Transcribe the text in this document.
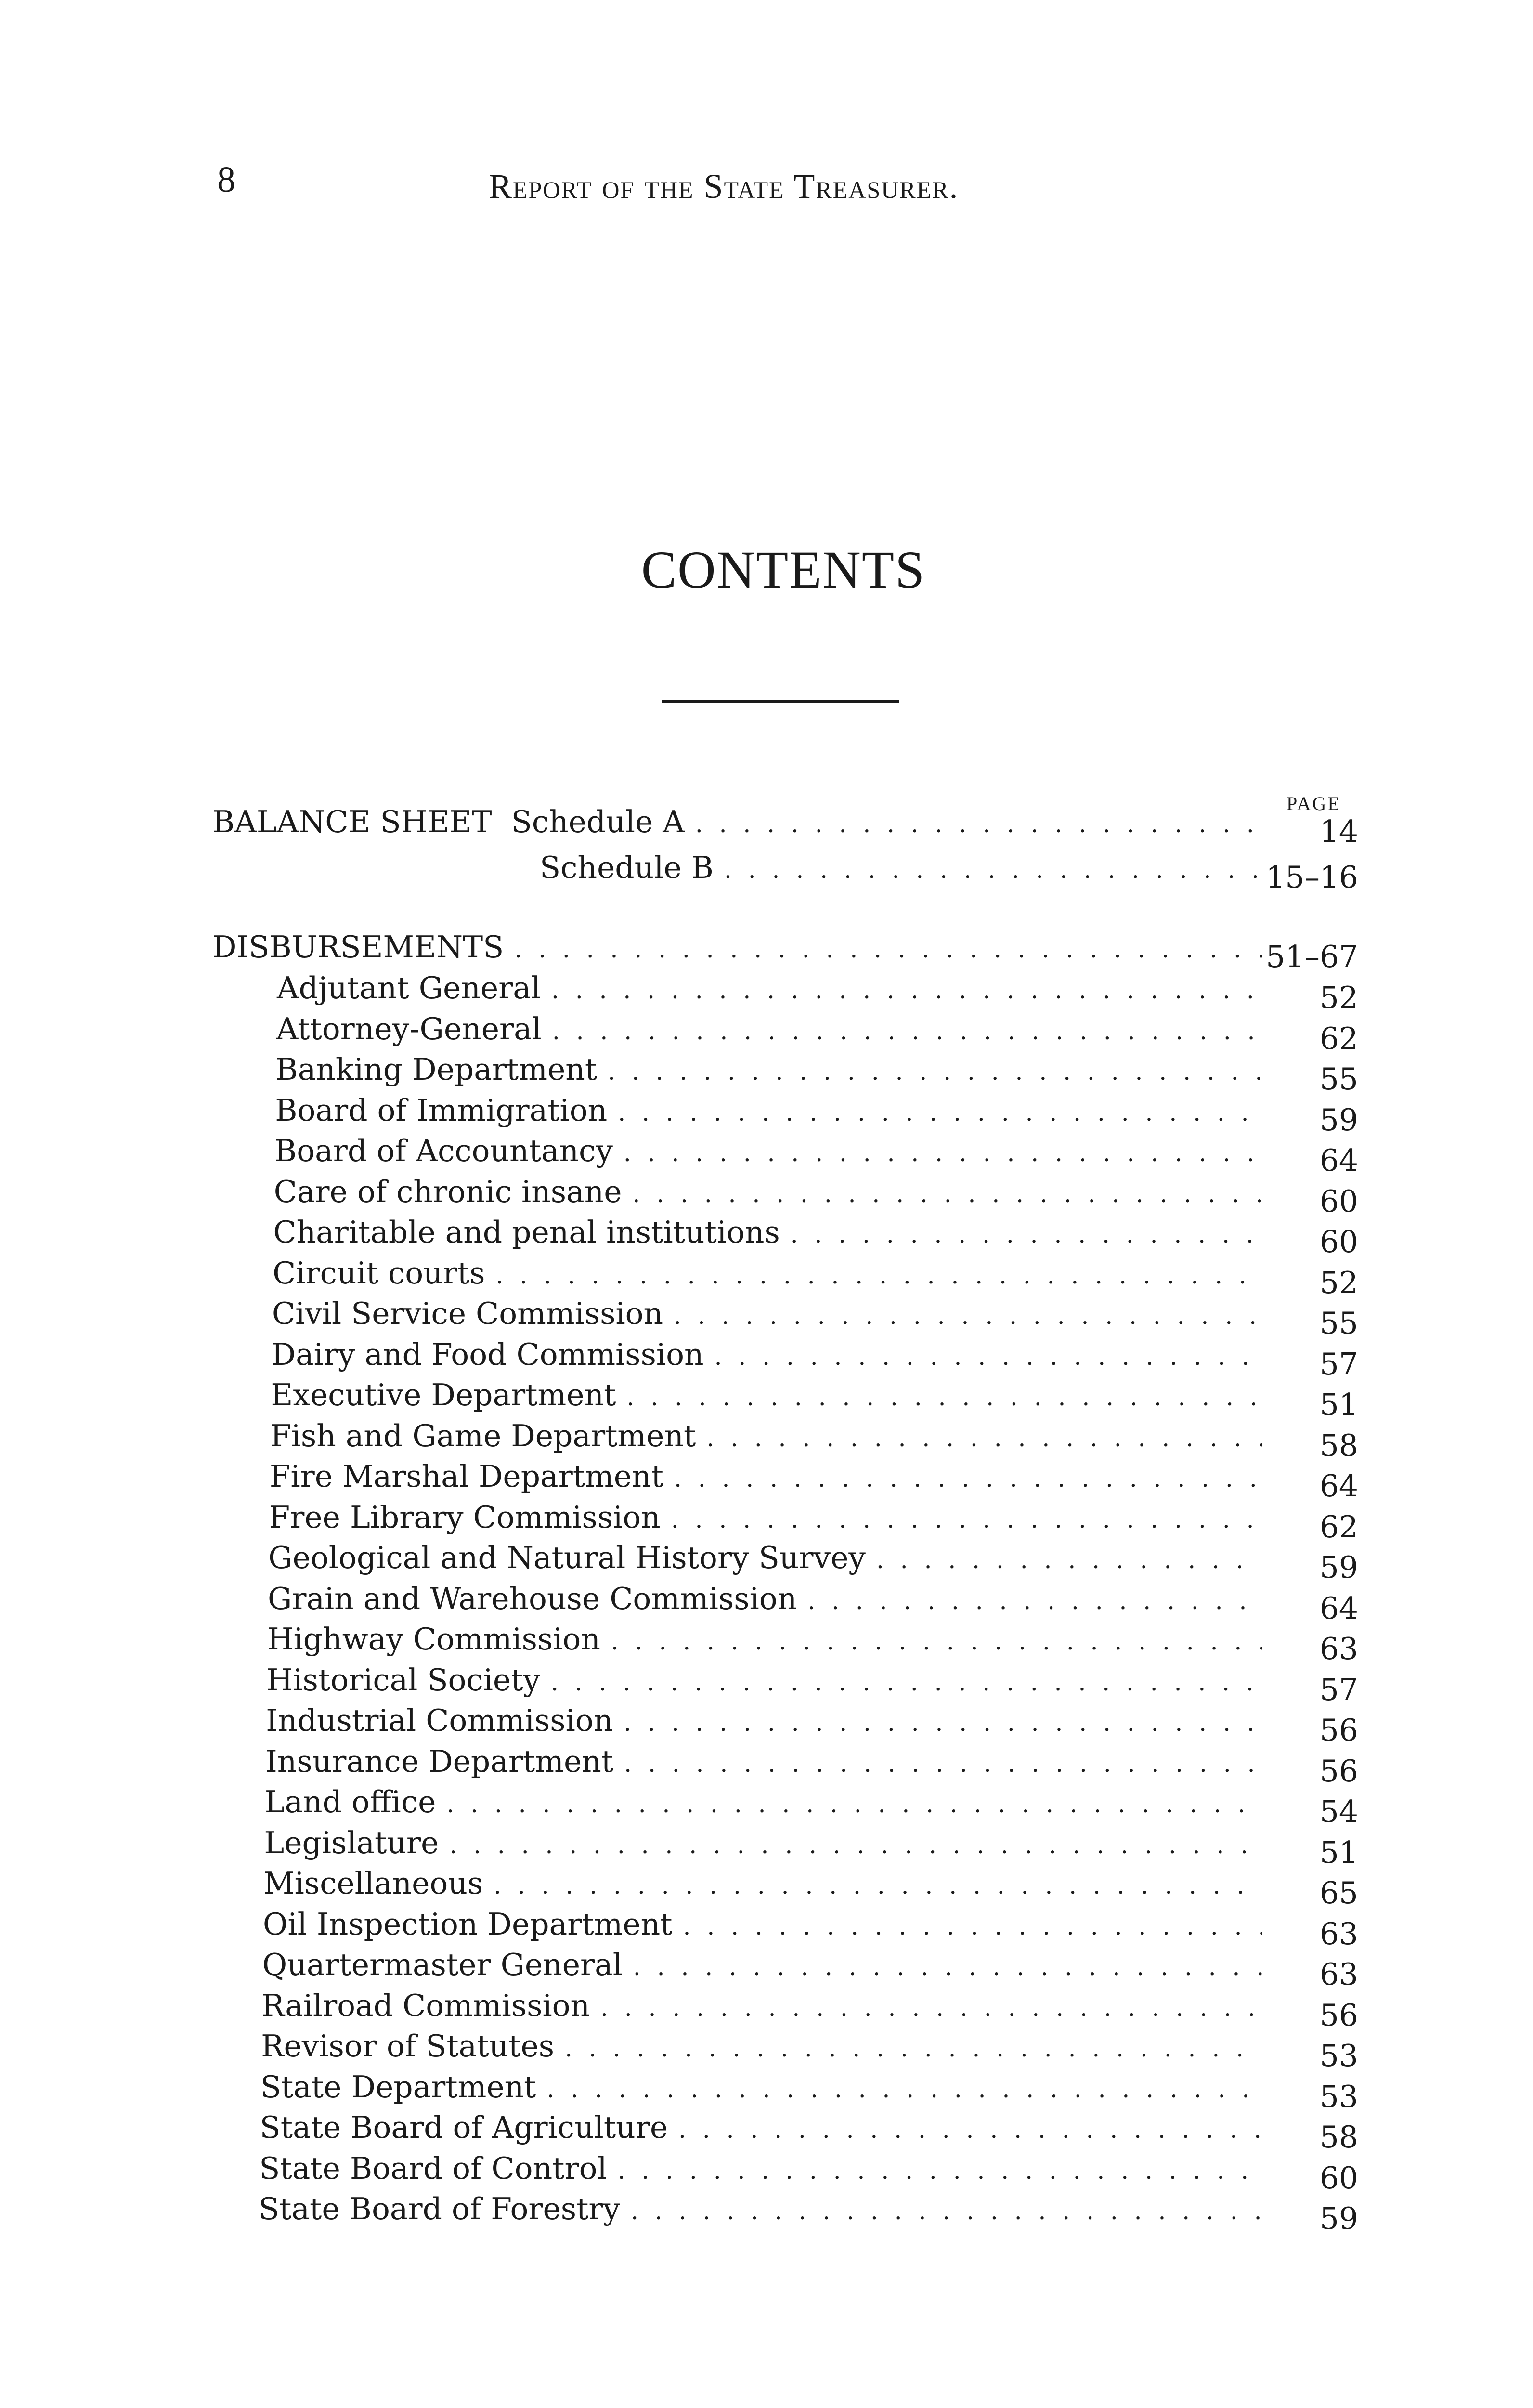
8	Report of the State Treasurer.
CONTENTS
PAGE
BALANCE SHEET Schedule A . . .	14
Schedule B . . .	15–16
DISBURSEMENTS . . .	51–67
Adjutant General . . .	52
Attorney-General . . .	62
Banking Department . . .	55
Board of Immigration . . .	59
Board of Accountancy . . .	64
Care of chronic insane . . .	60
Charitable and penal institutions . . .	60
Circuit courts . . .	52
Civil Service Commission . . .	55
Dairy and Food Commission . . .	57
Executive Department . . .	51
Fish and Game Department . . .	58
Fire Marshal Department . . .	64
Free Library Commission . . .	62
Geological and Natural History Survey . . .	59
Grain and Warehouse Commission . . .	64
Highway Commission . . .	63
Historical Society . . .	57
Industrial Commission . . .	56
Insurance Department . . .	56
Land office . . .	54
Legislature . . .	51
Miscellaneous . . .	65
Oil Inspection Department . . .	63
Quartermaster General . . .	63
Railroad Commission . . .	56
Revisor of Statutes . . .	53
State Department . . .	53
State Board of Agriculture . . .	58
State Board of Control . . .	60
State Board of Forestry . . .	59
